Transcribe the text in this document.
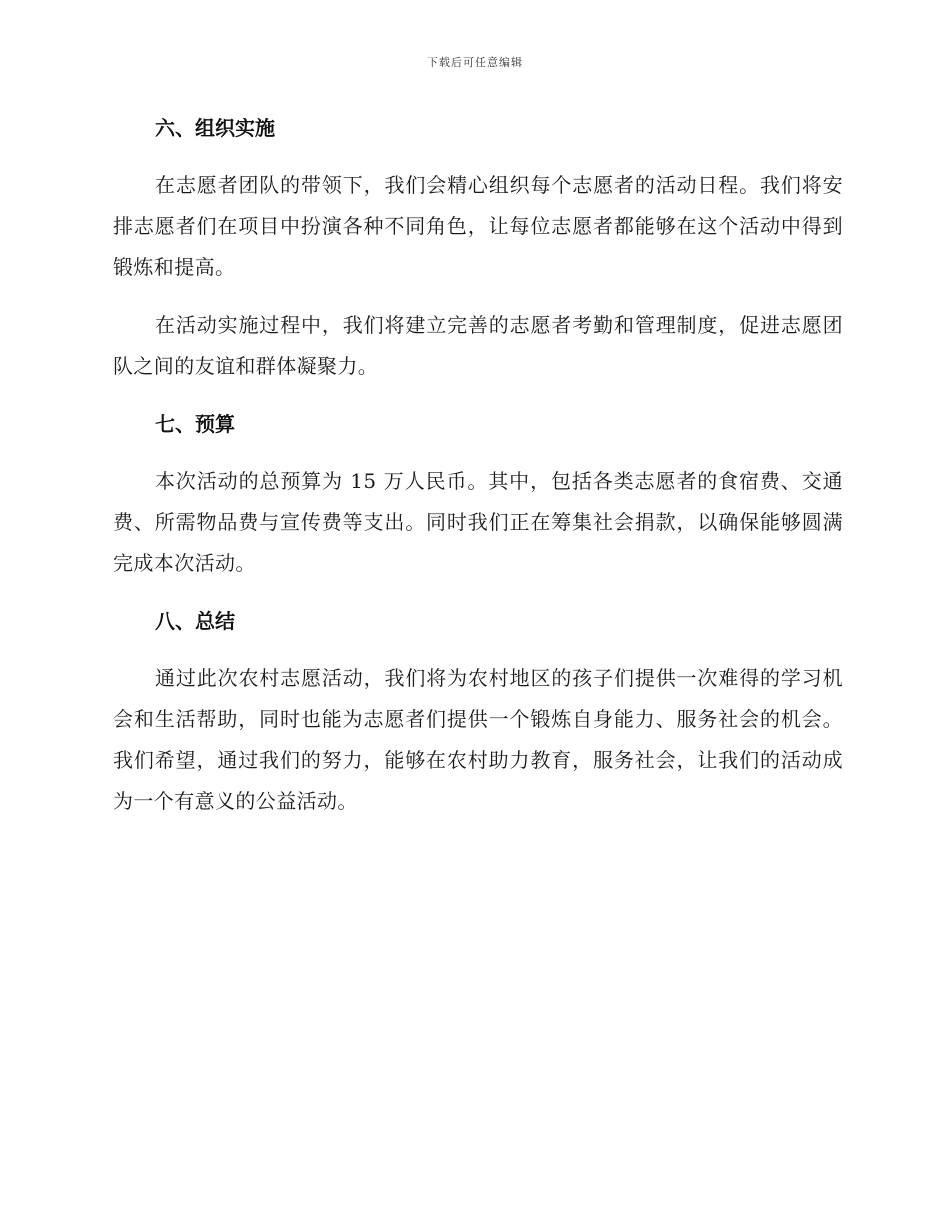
下载后可任意编辑
六、组织实施

在志愿者团队的带领下，我们会精心组织每个志愿者的活动日程。我们将安排志愿者们在项目中扮演各种不同角色，让每位志愿者都能够在这个活动中得到锻炼和提高。

在活动实施过程中，我们将建立完善的志愿者考勤和管理制度，促进志愿团队之间的友谊和群体凝聚力。

七、预算

本次活动的总预算为 15 万人民币。其中，包括各类志愿者的食宿费、交通费、所需物品费与宣传费等支出。同时我们正在筹集社会捐款，以确保能够圆满完成本次活动。

八、总结

通过此次农村志愿活动，我们将为农村地区的孩子们提供一次难得的学习机会和生活帮助，同时也能为志愿者们提供一个锻炼自身能力、服务社会的机会。我们希望，通过我们的努力，能够在农村助力教育，服务社会，让我们的活动成为一个有意义的公益活动。
